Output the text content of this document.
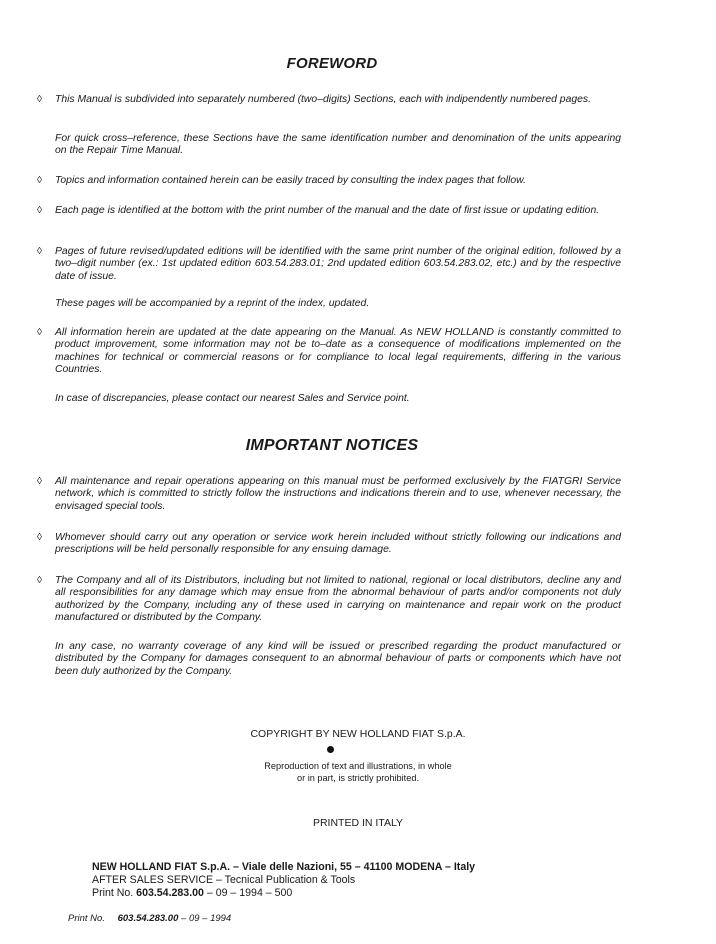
FOREWORD
◊ This Manual is subdivided into separately numbered (two–digits) Sections, each with indipendently numbered pages.

For quick cross–reference, these Sections have the same identification number and denomination of the units appearing on the Repair Time Manual.

◊ Topics and information contained herein can be easily traced by consulting the index pages that follow.

◊ Each page is identified at the bottom with the print number of the manual and the date of first issue or updating edition.

◊ Pages of future revised/updated editions will be identified with the same print number of the original edition, followed by a two–digit number (ex.: 1st updated edition 603.54.283.01; 2nd updated edition 603.54.283.02, etc.) and by the respective date of issue.

These pages will be accompanied by a reprint of the index, updated.

◊ All information herein are updated at the date appearing on the Manual. As NEW HOLLAND is constantly committed to product improvement, some information may not be to–date as a consequence of modifications implemented on the machines for technical or commercial reasons or for compliance to local legal requirements, differing in the various Countries.

In case of discrepancies, please contact our nearest Sales and Service point.

IMPORTANT NOTICES
◊ All maintenance and repair operations appearing on this manual must be performed exclusively by the FIATGRI Service network, which is committed to strictly follow the instructions and indications therein and to use, whenever necessary, the envisaged special tools.

◊ Whomever should carry out any operation or service work herein included without strictly following our indications and prescriptions will be held personally responsible for any ensuing damage.

◊ The Company and all of its Distributors, including but not limited to national, regional or local distributors, decline any and all responsibilities for any damage which may ensue from the abnormal behaviour of parts and/or components not duly authorized by the Company, including any of these used in carrying on maintenance and repair work on the product manufactured or distributed by the Company.

In any case, no warranty coverage of any kind will be issued or prescribed regarding the product manufactured or distributed by the Company for damages consequent to an abnormal behaviour of parts or components which have not been duly authorized by the Company.

COPYRIGHT BY NEW HOLLAND FIAT S.p.A.
Reproduction of text and illustrations, in whole
or in part, is strictly prohibited.
PRINTED IN ITALY
NEW HOLLAND FIAT S.p.A. – Viale delle Nazioni, 55 – 41100 MODENA – Italy
AFTER SALES SERVICE – Tecnical Publication & Tools
Print No. 603.54.283.00 – 09 – 1994 – 500
Print No. 603.54.283.00 – 09 – 1994
